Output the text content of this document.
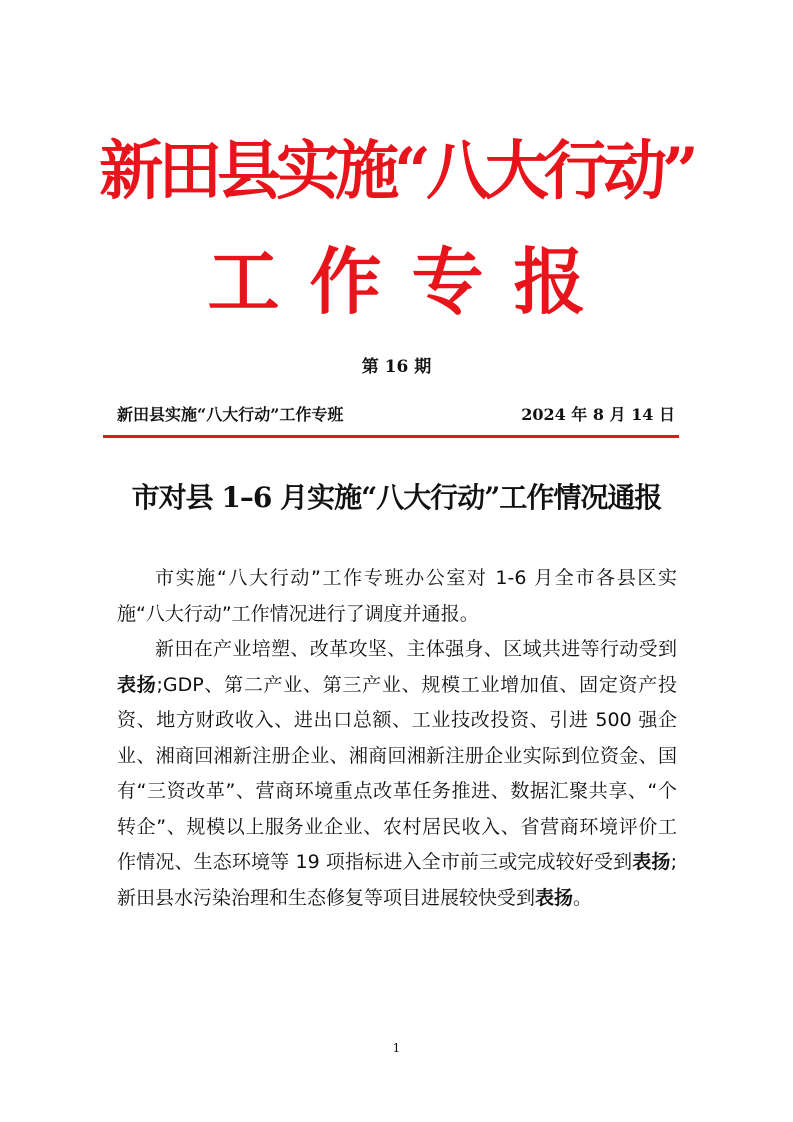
新田县实施“八大行动”
工作专报
第 16 期
新田县实施“八大行动”工作专班	2024 年 8 月 14 日
市对县 1–6 月实施“八大行动”工作情况通报

市实施“八大行动”工作专班办公室对 1-6 月全市各县区实施“八大行动”工作情况进行了调度并通报。

新田在产业培塑、改革攻坚、主体强身、区域共进等行动受到表扬;GDP、第二产业、第三产业、规模工业增加值、固定资产投资、地方财政收入、进出口总额、工业技改投资、引进 500 强企业、湘商回湘新注册企业、湘商回湘新注册企业实际到位资金、国有“三资改革”、营商环境重点改革任务推进、数据汇聚共享、“个转企”、规模以上服务业企业、农村居民收入、省营商环境评价工作情况、生态环境等 19 项指标进入全市前三或完成较好受到表扬;新田县水污染治理和生态修复等项目进展较快受到表扬。

1
